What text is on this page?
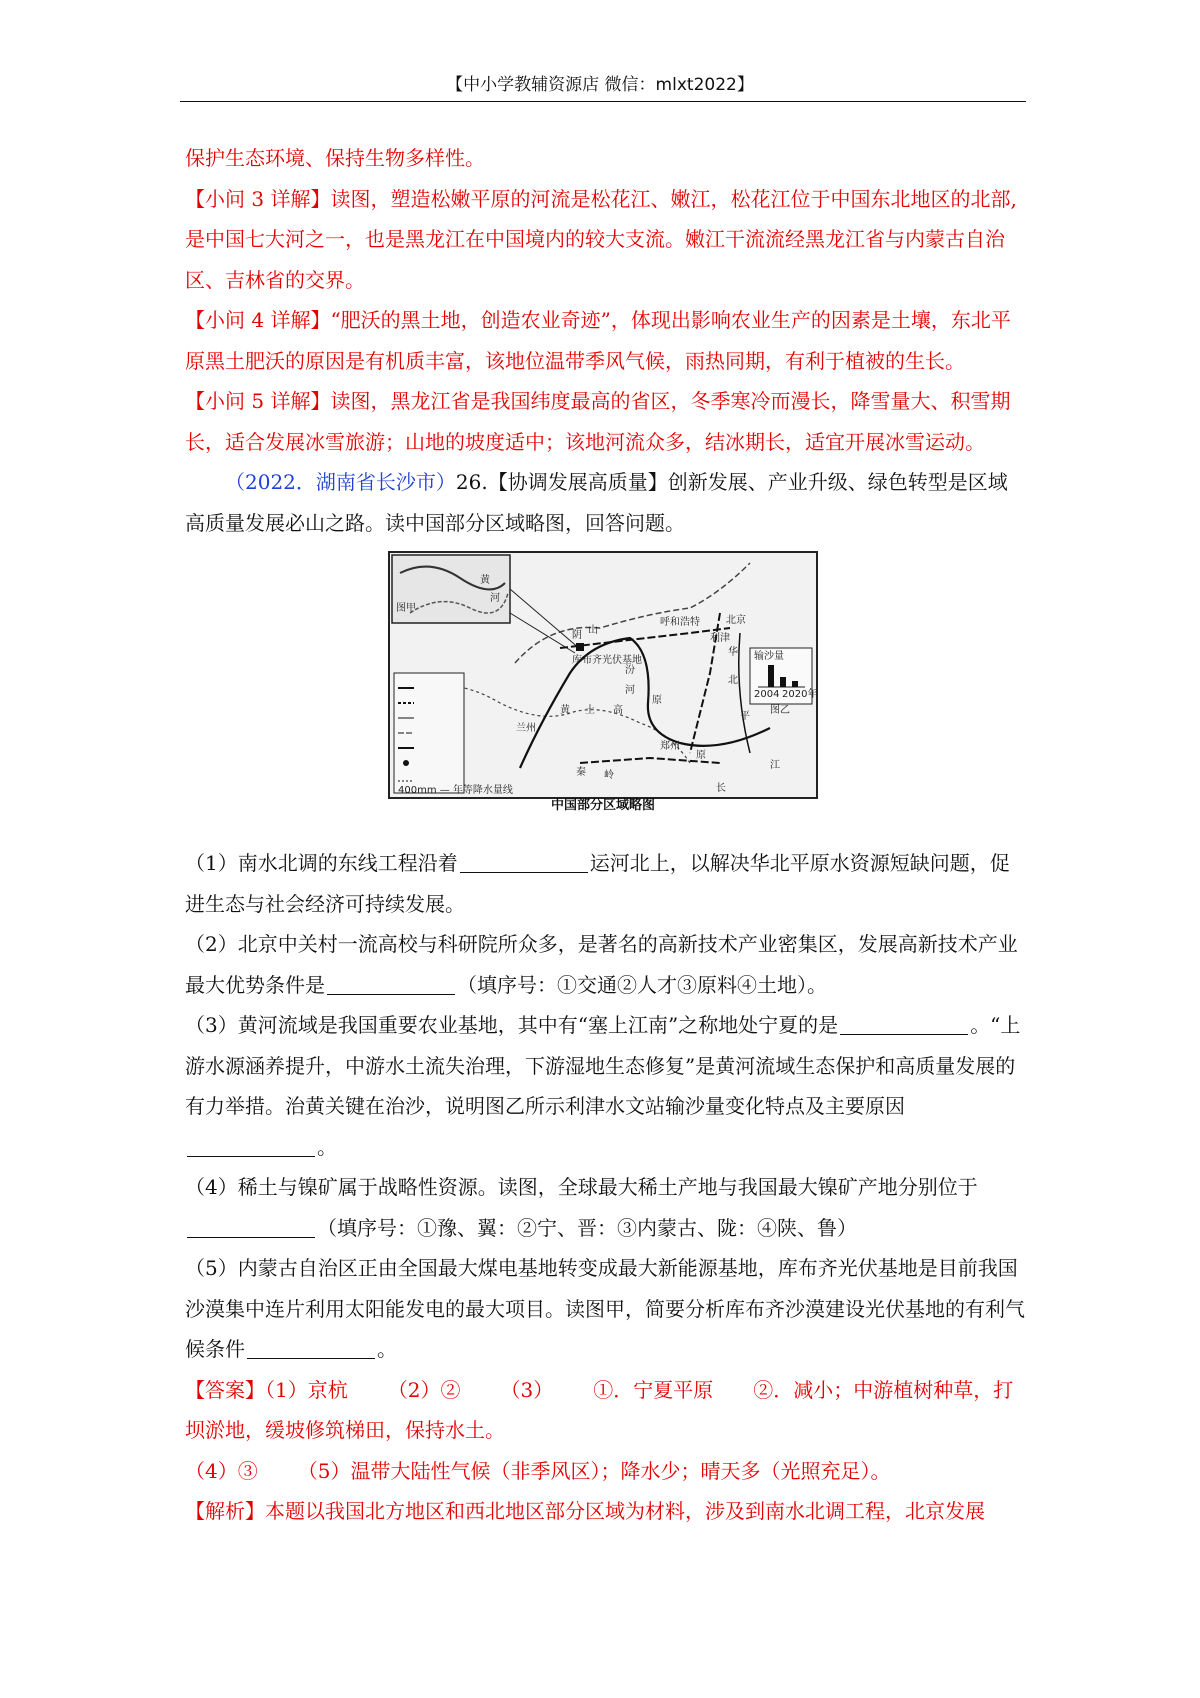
【中小学教辅资源店 微信：mlxt2022】

保护生态环境、保持生物多样性。

【小问 3 详解】读图，塑造松嫩平原的河流是松花江、嫩江，松花江位于中国东北地区的北部,是中国七大河之一，也是黑龙江在中国境内的较大支流。嫩江干流流经黑龙江省与内蒙古自治区、吉林省的交界。

【小问 4 详解】“肥沃的黑土地，创造农业奇迹”，体现出影响农业生产的因素是土壤，东北平原黑土肥沃的原因是有机质丰富，该地位温带季风气候，雨热同期，有利于植被的生长。

【小问 5 详解】读图，黑龙江省是我国纬度最高的省区，冬季寒冷而漫长，降雪量大、积雪期长，适合发展冰雪旅游；山地的坡度适中；该地河流众多，结冰期长，适宜开展冰雪运动。

（2022．湖南省长沙市）26.【协调发展高质量】创新发展、产业升级、绿色转型是区域高质量发展必山之路。读中国部分区域略图，回答问题。

图甲
黄
河
阴 山
呼和浩特	北京
库布齐光伏基地
汾
河
华
北
平
原
黄 土 高
原
兰州
郑州
秦 岭
江
长
利津
400mm — 年等降水量线
输沙量
2004 2020年
图乙
中国部分区域略图

（1）南水北调的东线工程沿着	运河北上，以解决华北平原水资源短缺问题，促进生态与社会经济可持续发展。

（2）北京中关村一流高校与科研院所众多，是著名的高新技术产业密集区，发展高新技术产业最大优势条件是	（填序号：①交通②人才③原料④土地）。

（3）黄河流域是我国重要农业基地，其中有“塞上江南”之称地处宁夏的是	。“上游水源涵养提升，中游水土流失治理，下游湿地生态修复”是黄河流域生态保护和高质量发展的有力举措。治黄关键在治沙，说明图乙所示利津水文站输沙量变化特点及主要原因
。

（4）稀土与镍矿属于战略性资源。读图，全球最大稀土产地与我国最大镍矿产地分别位于（填序号：①豫、翼：②宁、晋：③内蒙古、陇：④陕、鲁）

（5）内蒙古自治区正由全国最大煤电基地转变成最大新能源基地，库布齐光伏基地是目前我国沙漠集中连片利用太阳能发电的最大项目。读图甲，简要分析库布齐沙漠建设光伏基地的有利气候条件	。

【答案】（1）京杭 （2）② （3） ①．宁夏平原 ②．减小；中游植树种草，打坝淤地，缓坡修筑梯田，保持水土。

（4）③ （5）温带大陆性气候（非季风区）；降水少；晴天多（光照充足）。

【解析】本题以我国北方地区和西北地区部分区域为材料，涉及到南水北调工程，北京发展
